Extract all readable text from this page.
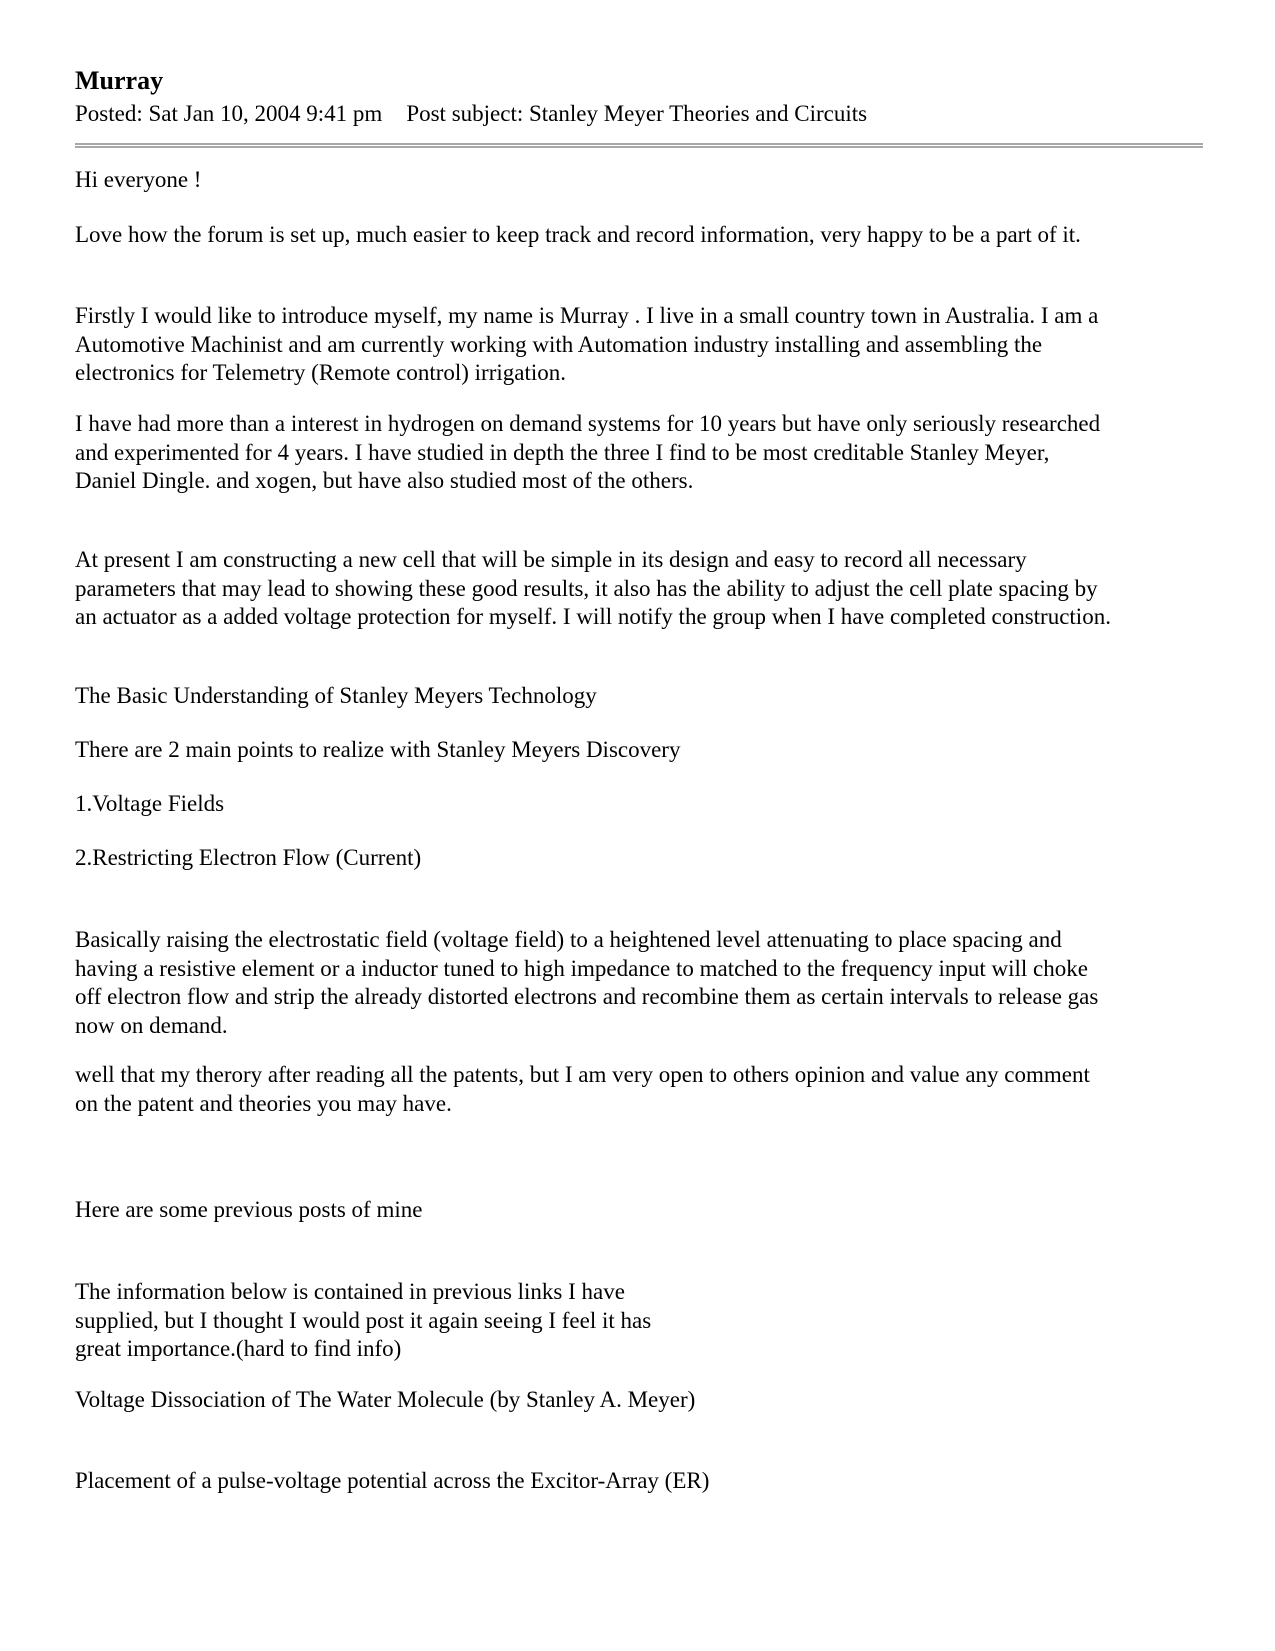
Murray
Posted: Sat Jan 10, 2004 9:41 pm Post subject: Stanley Meyer Theories and Circuits
Hi everyone !
Love how the forum is set up, much easier to keep track and record information, very happy to be a part of it.
Firstly I would like to introduce myself, my name is Murray . I live in a small country town in Australia. I am a
Automotive Machinist and am currently working with Automation industry installing and assembling the
electronics for Telemetry (Remote control) irrigation.
I have had more than a interest in hydrogen on demand systems for 10 years but have only seriously researched
and experimented for 4 years. I have studied in depth the three I find to be most creditable Stanley Meyer,
Daniel Dingle. and xogen, but have also studied most of the others.
At present I am constructing a new cell that will be simple in its design and easy to record all necessary
parameters that may lead to showing these good results, it also has the ability to adjust the cell plate spacing by
an actuator as a added voltage protection for myself. I will notify the group when I have completed construction.
The Basic Understanding of Stanley Meyers Technology
There are 2 main points to realize with Stanley Meyers Discovery
1.Voltage Fields
2.Restricting Electron Flow (Current)
Basically raising the electrostatic field (voltage field) to a heightened level attenuating to place spacing and
having a resistive element or a inductor tuned to high impedance to matched to the frequency input will choke
off electron flow and strip the already distorted electrons and recombine them as certain intervals to release gas
now on demand.
well that my therory after reading all the patents, but I am very open to others opinion and value any comment
on the patent and theories you may have.
Here are some previous posts of mine
The information below is contained in previous links I have
supplied, but I thought I would post it again seeing I feel it has
great importance.(hard to find info)
Voltage Dissociation of The Water Molecule (by Stanley A. Meyer)
Placement of a pulse-voltage potential across the Excitor-Array (ER)
